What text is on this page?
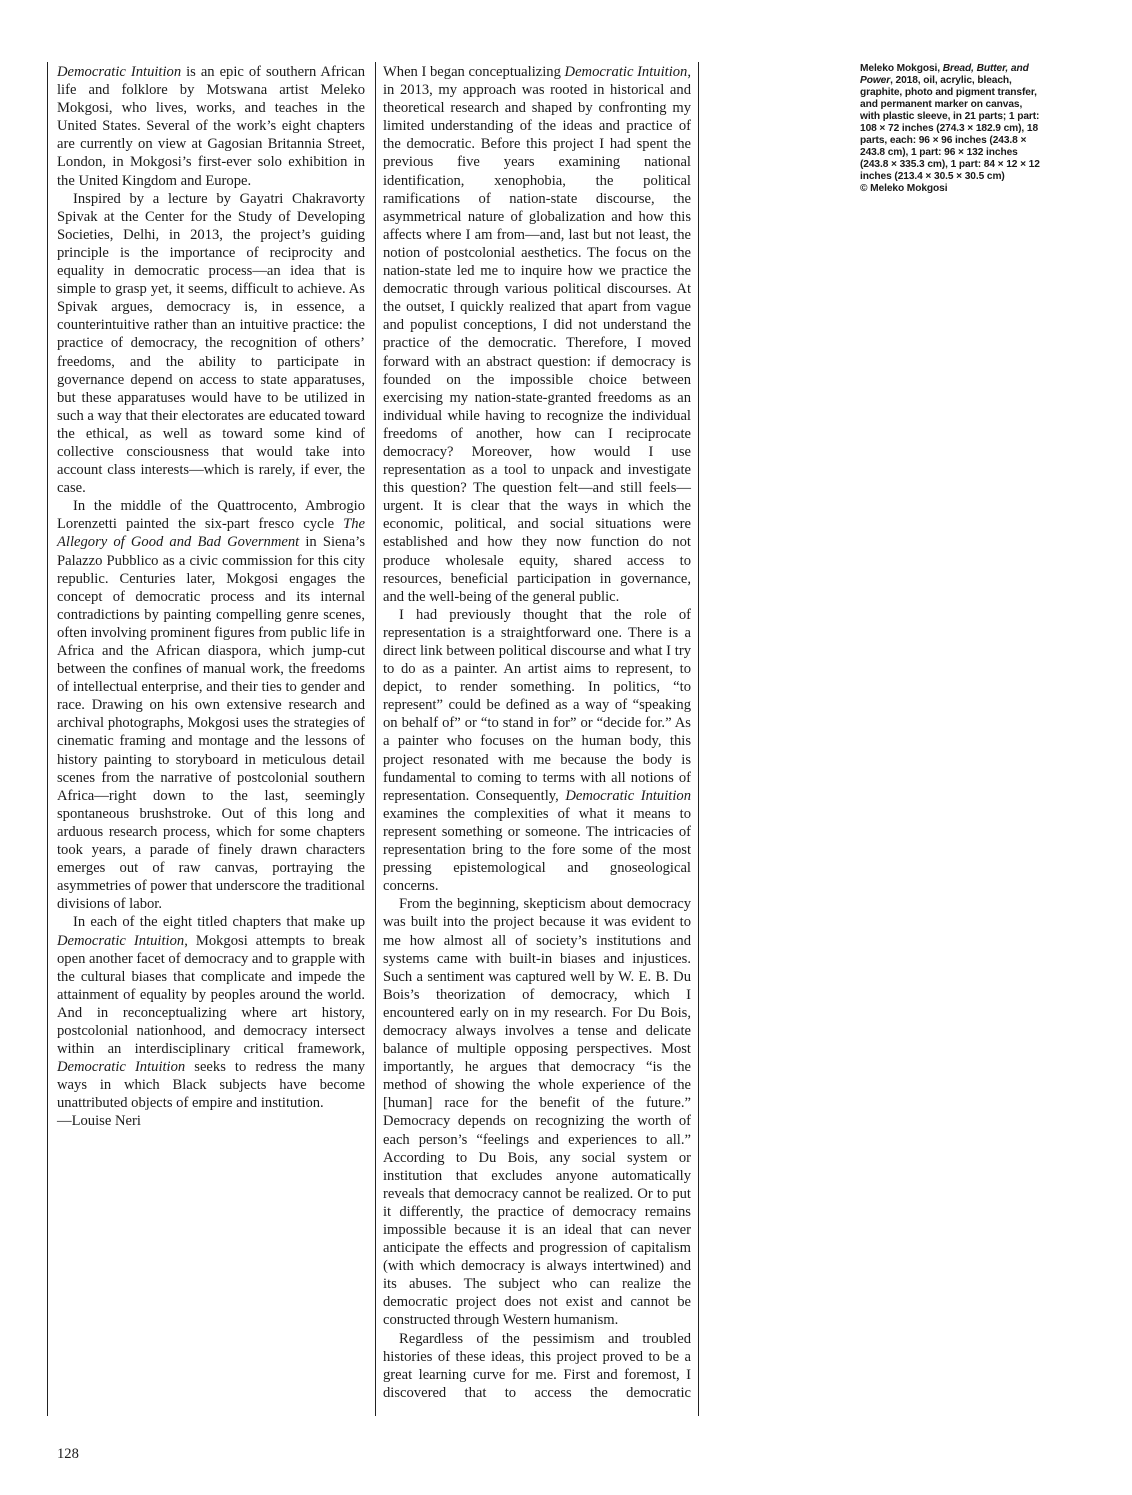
Democratic Intuition is an epic of southern African life and folklore by Motswana artist Meleko Mokgosi, who lives, works, and teaches in the United States. Several of the work’s eight chapters are currently on view at Gagosian Britannia Street, London, in Mokgosi’s first-ever solo exhibition in the United Kingdom and Europe.

Inspired by a lecture by Gayatri Chakravorty Spivak at the Center for the Study of Developing Societies, Delhi, in 2013, the project’s guiding principle is the importance of reciprocity and equality in democratic process—an idea that is simple to grasp yet, it seems, difficult to achieve. As Spivak argues, democracy is, in essence, a counterintuitive rather than an intuitive practice: the practice of democracy, the recognition of others’ freedoms, and the ability to participate in governance depend on access to state apparatuses, but these apparatuses would have to be utilized in such a way that their electorates are educated toward the ethical, as well as toward some kind of collective consciousness that would take into account class interests—which is rarely, if ever, the case.

In the middle of the Quattrocento, Ambrogio Lorenzetti painted the six-part fresco cycle The Allegory of Good and Bad Government in Siena’s Palazzo Pubblico as a civic commission for this city republic. Centuries later, Mokgosi engages the concept of democratic process and its internal contradictions by painting compelling genre scenes, often involving prominent figures from public life in Africa and the African diaspora, which jump-cut between the confines of manual work, the freedoms of intellectual enterprise, and their ties to gender and race. Drawing on his own extensive research and archival photographs, Mokgosi uses the strategies of cinematic framing and montage and the lessons of history painting to storyboard in meticulous detail scenes from the narrative of postcolonial southern Africa—right down to the last, seemingly spontaneous brushstroke. Out of this long and arduous research process, which for some chapters took years, a parade of finely drawn characters emerges out of raw canvas, portraying the asymmetries of power that underscore the traditional divisions of labor.

In each of the eight titled chapters that make up Democratic Intuition, Mokgosi attempts to break open another facet of democracy and to grapple with the cultural biases that complicate and impede the attainment of equality by peoples around the world. And in reconceptualizing where art history, postcolonial nationhood, and democracy intersect within an interdisciplinary critical framework, Democratic Intuition seeks to redress the many ways in which Black subjects have become unattributed objects of empire and institution.

—Louise Neri

When I began conceptualizing Democratic Intuition, in 2013, my approach was rooted in historical and theoretical research and shaped by confronting my limited understanding of the ideas and practice of the democratic. Before this project I had spent the previous five years examining national identification, xenophobia, the political ramifications of nation-state discourse, the asymmetrical nature of globalization and how this affects where I am from—and, last but not least, the notion of postcolonial aesthetics. The focus on the nation-state led me to inquire how we practice the democratic through various political discourses. At the outset, I quickly realized that apart from vague and populist conceptions, I did not understand the practice of the democratic. Therefore, I moved forward with an abstract question: if democracy is founded on the impossible choice between exercising my nation-state-granted freedoms as an individual while having to recognize the individual freedoms of another, how can I reciprocate democracy? Moreover, how would I use representation as a tool to unpack and investigate this question? The question felt—and still feels—urgent. It is clear that the ways in which the economic, political, and social situations were established and how they now function do not produce wholesale equity, shared access to resources, beneficial participation in governance, and the well-being of the general public.

I had previously thought that the role of representation is a straightforward one. There is a direct link between political discourse and what I try to do as a painter. An artist aims to represent, to depict, to render something. In politics, “to represent” could be defined as a way of “speaking on behalf of” or “to stand in for” or “decide for.” As a painter who focuses on the human body, this project resonated with me because the body is fundamental to coming to terms with all notions of representation. Consequently, Democratic Intuition examines the complexities of what it means to represent something or someone. The intricacies of representation bring to the fore some of the most pressing epistemological and gnoseological concerns.

From the beginning, skepticism about democracy was built into the project because it was evident to me how almost all of society’s institutions and systems came with built-in biases and injustices. Such a sentiment was captured well by W. E. B. Du Bois’s theorization of democracy, which I encountered early on in my research. For Du Bois, democracy always involves a tense and delicate balance of multiple opposing perspectives. Most importantly, he argues that democracy “is the method of showing the whole experience of the [human] race for the benefit of the future.” Democracy depends on recognizing the worth of each person’s “feelings and experiences to all.” According to Du Bois, any social system or institution that excludes anyone automatically reveals that democracy cannot be realized. Or to put it differently, the practice of democracy remains impossible because it is an ideal that can never anticipate the effects and progression of capitalism (with which democracy is always intertwined) and its abuses. The subject who can realize the democratic project does not exist and cannot be constructed through Western humanism.

Regardless of the pessimism and troubled histories of these ideas, this project proved to be a great learning curve for me. First and foremost, I discovered that to access the democratic

Meleko Mokgosi, Bread, Butter, and Power, 2018, oil, acrylic, bleach, graphite, photo and pigment transfer, and permanent marker on canvas, with plastic sleeve, in 21 parts; 1 part: 108 × 72 inches (274.3 × 182.9 cm), 18 parts, each: 96 × 96 inches (243.8 × 243.8 cm), 1 part: 96 × 132 inches (243.8 × 335.3 cm), 1 part: 84 × 12 × 12 inches (213.4 × 30.5 × 30.5 cm)
© Meleko Mokgosi
128
